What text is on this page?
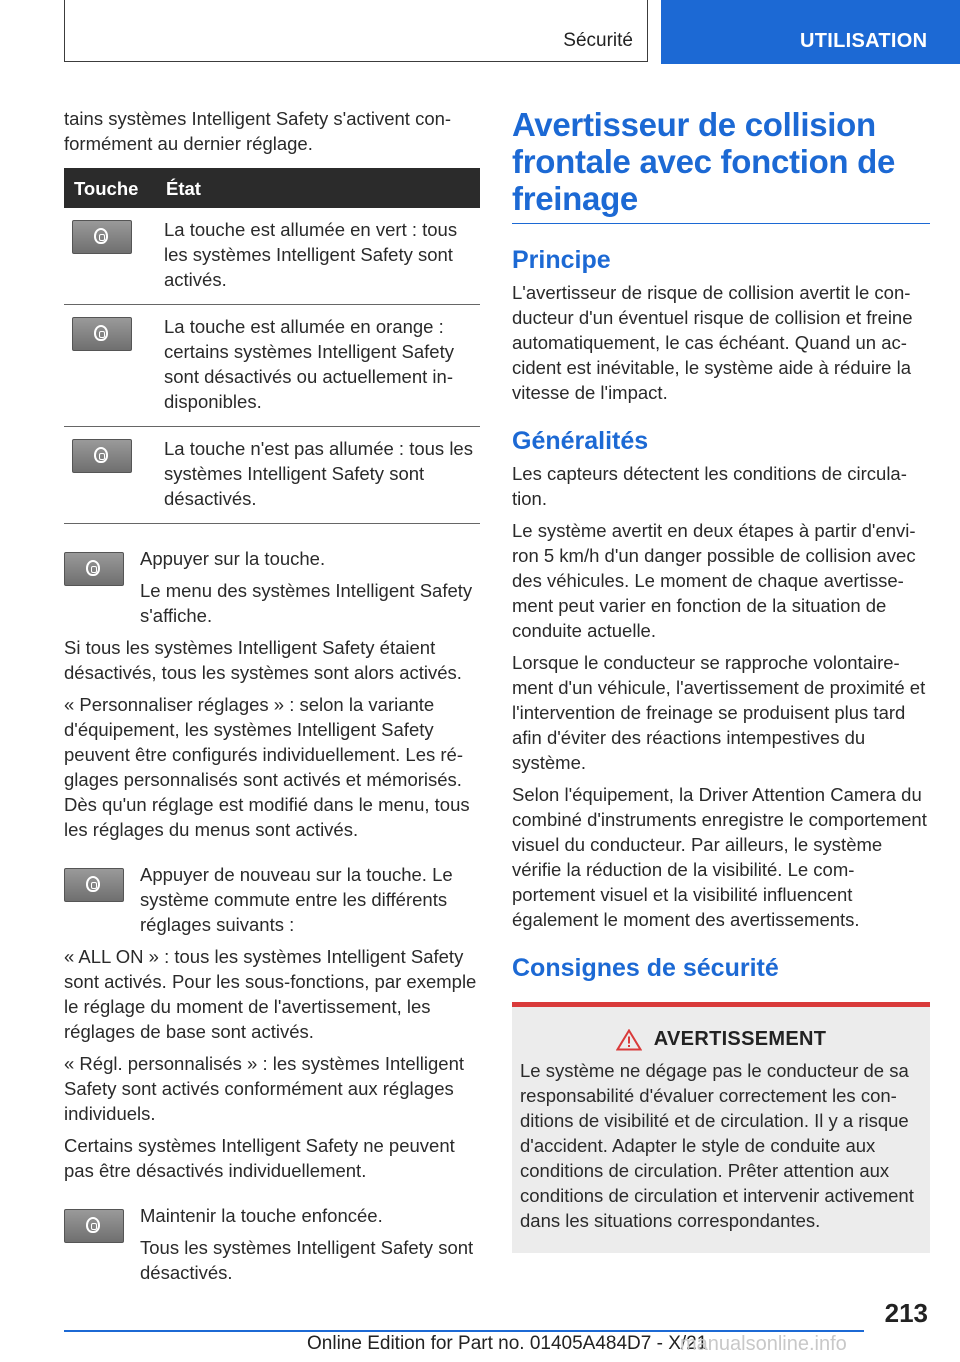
Sécurité	UTILISATION

tains systèmes Intelligent Safety s'activent conformément au dernier réglage.

Touche	État

	La touche est allumée en vert : tous les systèmes Intelligent Safety sont activés.

	La touche est allumée en orange : certains systèmes Intelligent Safety sont désactivés ou actuellement indisponibles.

	La touche n'est pas allumée : tous les systèmes Intelligent Safety sont désactivés.

Appuyer sur la touche.

Le menu des systèmes Intelligent Safety s'affiche.

Si tous les systèmes Intelligent Safety étaient désactivés, tous les systèmes sont alors activés.

« Personnaliser réglages » : selon la variante d'équipement, les systèmes Intelligent Safety peuvent être configurés individuellement. Les réglages personnalisés sont activés et mémorisés. Dès qu'un réglage est modifié dans le menu, tous les réglages du menus sont activés.

Appuyer de nouveau sur la touche. Le système commute entre les différents réglages suivants :

« ALL ON » : tous les systèmes Intelligent Safety sont activés. Pour les sous-fonctions, par exemple le réglage du moment de l'avertissement, les réglages de base sont activés.

« Régl. personnalisés » : les systèmes Intelligent Safety sont activés conformément aux réglages individuels.

Certains systèmes Intelligent Safety ne peuvent pas être désactivés individuellement.

Maintenir la touche enfoncée.

Tous les systèmes Intelligent Safety sont désactivés.

Avertisseur de collision frontale avec fonction de freinage
Principe

L'avertisseur de risque de collision avertit le conducteur d'un éventuel risque de collision et freine automatiquement, le cas échéant. Quand un accident est inévitable, le système aide à réduire la vitesse de l'impact.

Généralités

Les capteurs détectent les conditions de circulation.

Le système avertit en deux étapes à partir d'environ 5 km/h d'un danger possible de collision avec des véhicules. Le moment de chaque avertissement peut varier en fonction de la situation de conduite actuelle.

Lorsque le conducteur se rapproche volontairement d'un véhicule, l'avertissement de proximité et l'intervention de freinage se produisent plus tard afin d'éviter des réactions intempestives du système.

Selon l'équipement, la Driver Attention Camera du combiné d'instruments enregistre le comportement visuel du conducteur. Par ailleurs, le système vérifie la réduction de la visibilité. Le comportement visuel et la visibilité influencent également le moment des avertissements.

Consignes de sécurité
AVERTISSEMENT
Le système ne dégage pas le conducteur de sa responsabilité d'évaluer correctement les conditions de visibilité et de circulation. Il y a risque d'accident. Adapter le style de conduite aux conditions de circulation. Prêter attention aux conditions de circulation et intervenir activement dans les situations correspondantes.
213
Online Edition for Part no. 01405A484D7 - X/21
manualsonline.info
